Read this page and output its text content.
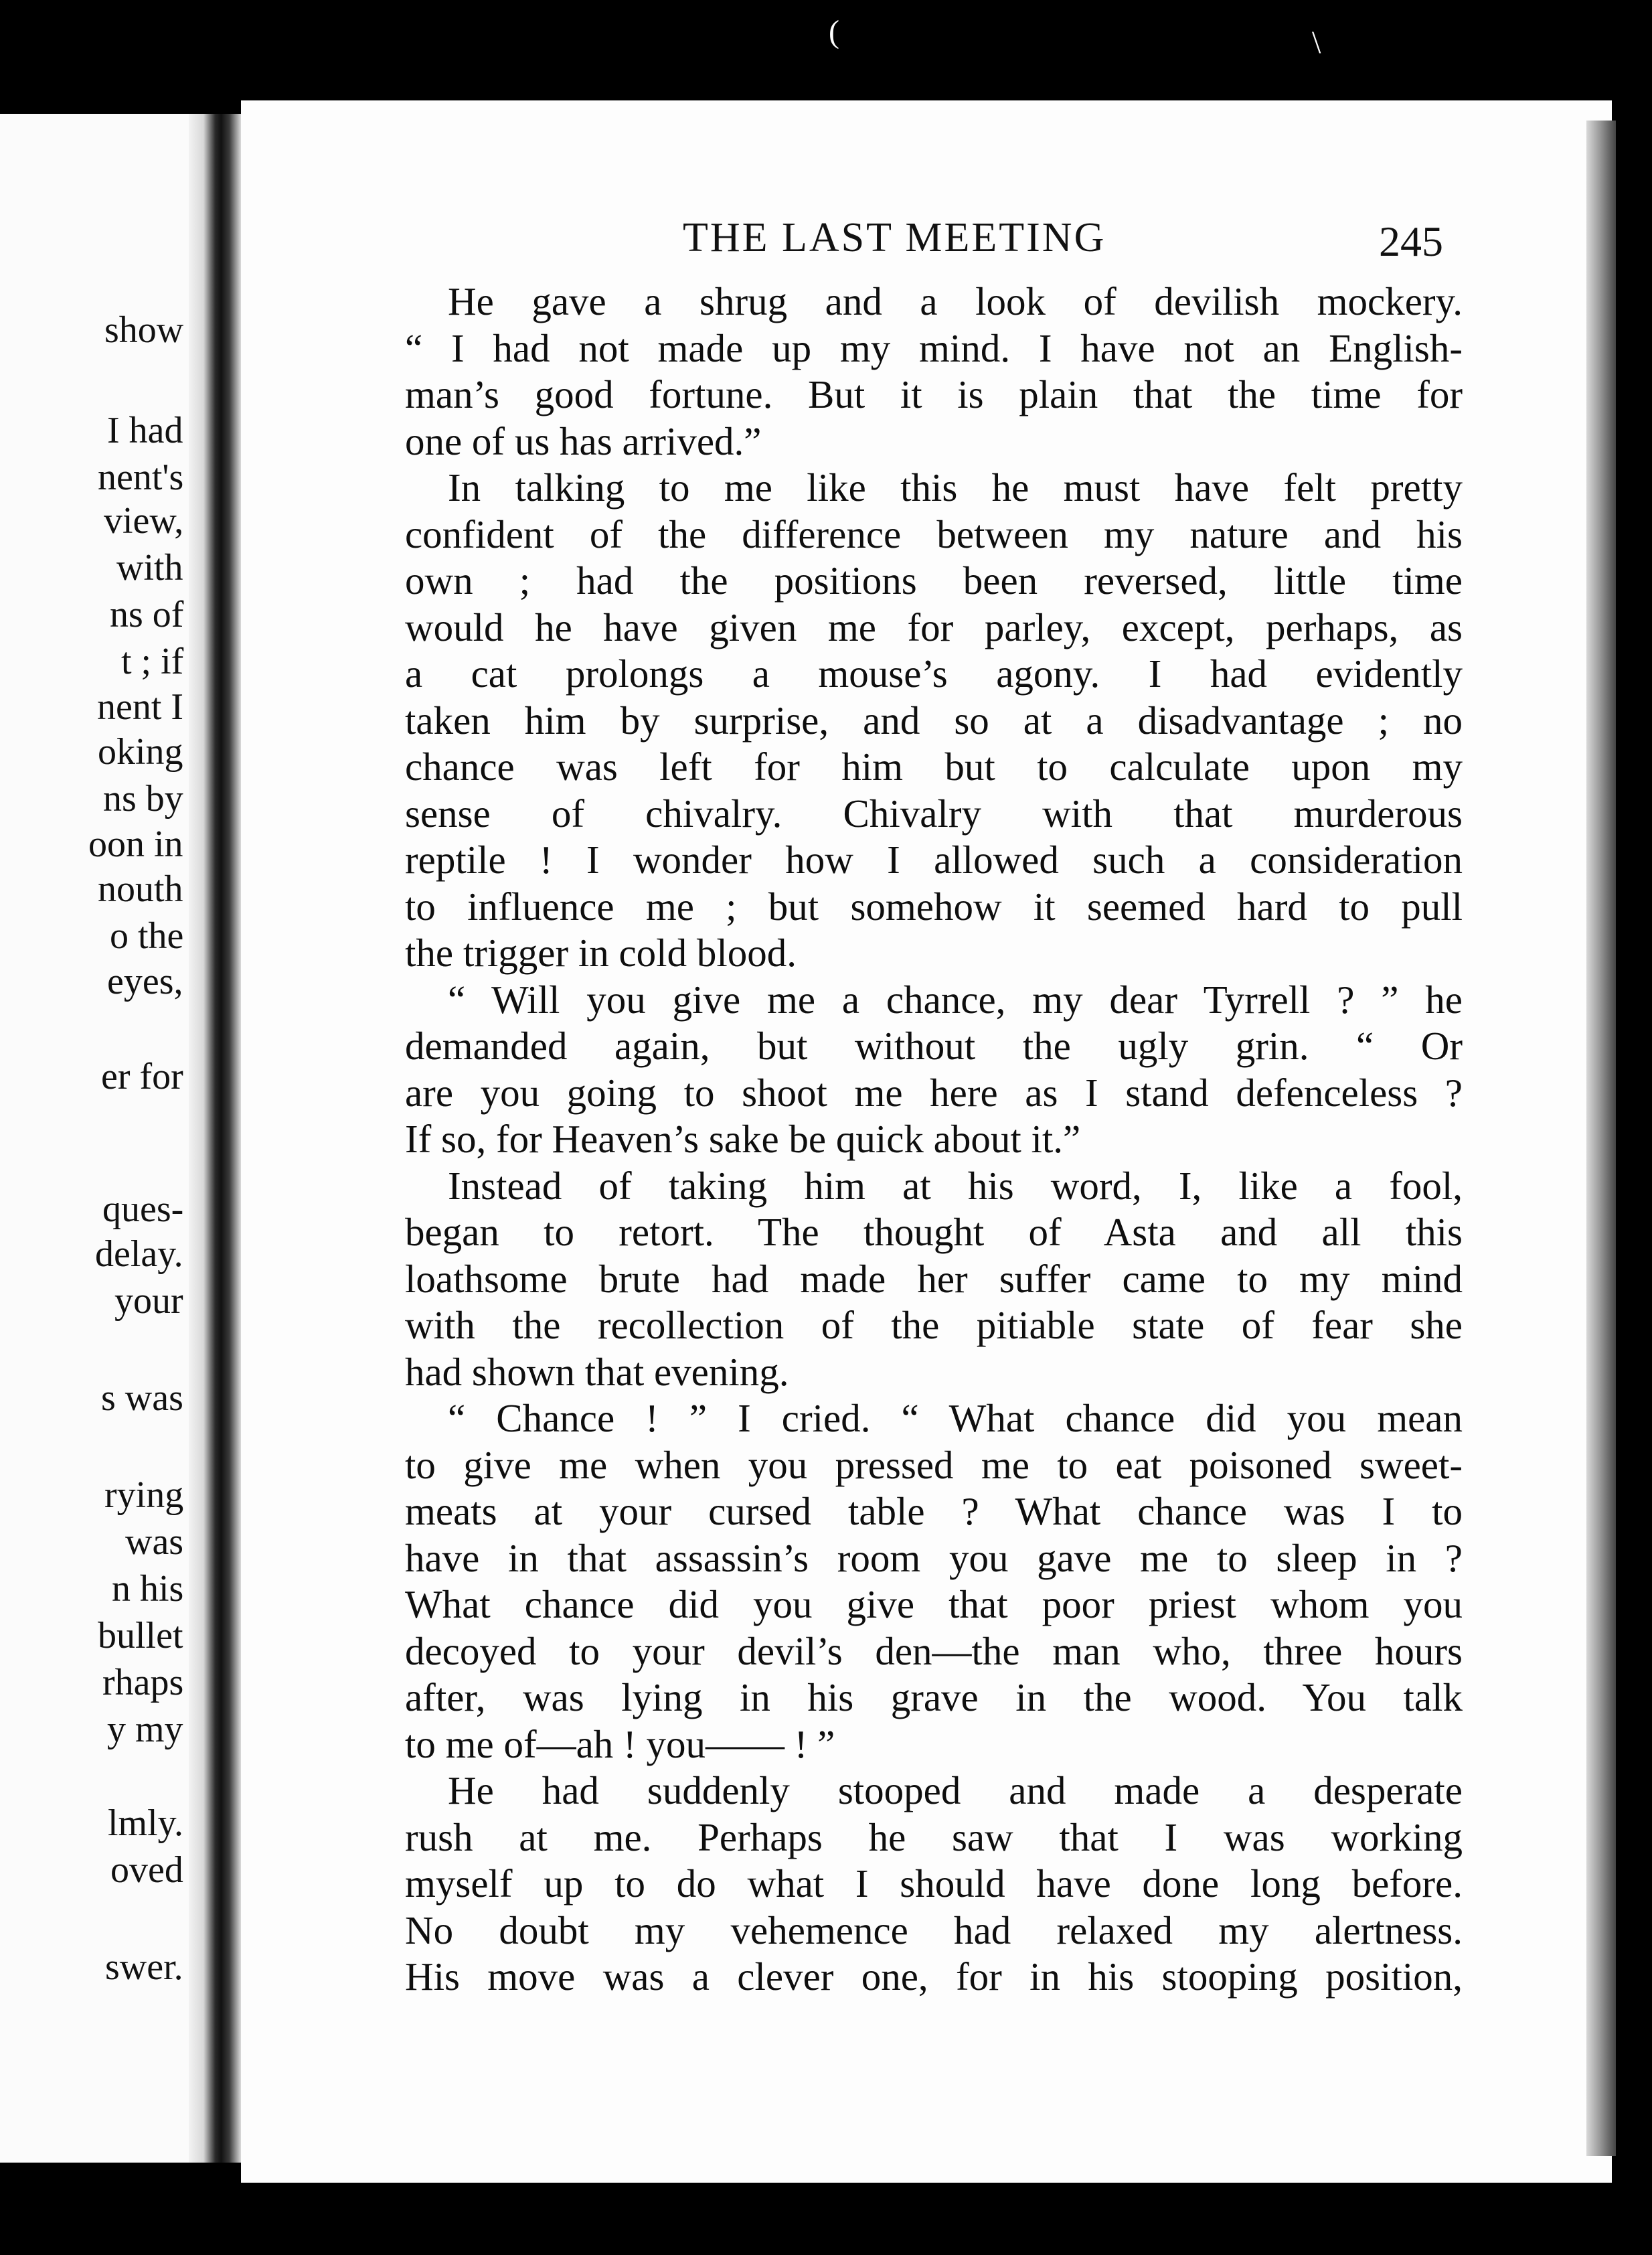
(	\
show
I had
nent's
view,
with
ns of
t ; if
nent I
oking
ns by
oon in
nouth
o the
eyes,
er for
ques-
delay.
your
s was
rying
was
n his
bullet
rhaps
y my
lmly.
oved
swer.
THE LAST MEETING	245
He gave a shrug and a look of devilish mockery.
“ I had not made up my mind. I have not an English-
man’s good fortune. But it is plain that the time for
one of us has arrived.”
In talking to me like this he must have felt pretty
confident of the difference between my nature and his
own ; had the positions been reversed, little time
would he have given me for parley, except, perhaps, as
a cat prolongs a mouse’s agony. I had evidently
taken him by surprise, and so at a disadvantage ; no
chance was left for him but to calculate upon my
sense of chivalry. Chivalry with that murderous
reptile ! I wonder how I allowed such a consideration
to influence me ; but somehow it seemed hard to pull
the trigger in cold blood.
“ Will you give me a chance, my dear Tyrrell ? ” he
demanded again, but without the ugly grin. “ Or
are you going to shoot me here as I stand defenceless ?
If so, for Heaven’s sake be quick about it.”
Instead of taking him at his word, I, like a fool,
began to retort. The thought of Asta and all this
loathsome brute had made her suffer came to my mind
with the recollection of the pitiable state of fear she
had shown that evening.
“ Chance ! ” I cried. “ What chance did you mean
to give me when you pressed me to eat poisoned sweet-
meats at your cursed table ? What chance was I to
have in that assassin’s room you gave me to sleep in ?
What chance did you give that poor priest whom you
decoyed to your devil’s den—the man who, three hours
after, was lying in his grave in the wood. You talk
to me of—ah ! you—— ! ”
He had suddenly stooped and made a desperate
rush at me. Perhaps he saw that I was working
myself up to do what I should have done long before.
No doubt my vehemence had relaxed my alertness.
His move was a clever one, for in his stooping position,
